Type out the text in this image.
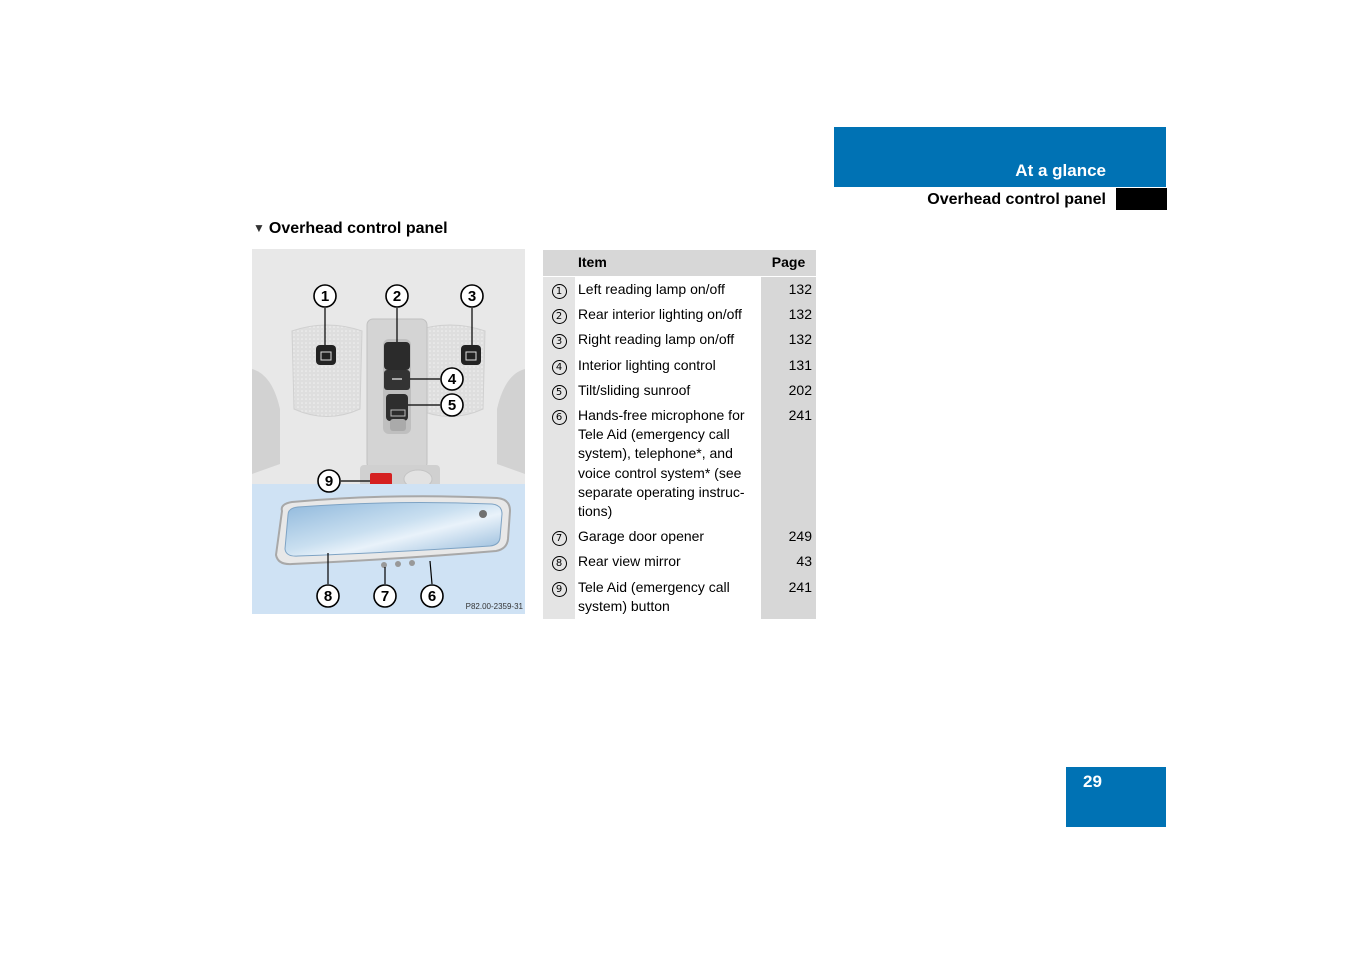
At a glance
Overhead control panel
▼ Overhead control panel
1	2	3
4
5
6
7
8
9
P82.00-2359-31
	Item	Page
1	Left reading lamp on/off	132
2	Rear interior lighting on/off	132
3	Right reading lamp on/off	132
4	Interior lighting control	131
5	Tilt/sliding sunroof	202
6	Hands-free microphone for Tele Aid (emergency call system), telephone*, and voice control system* (see separate operating instruc-tions)	241
7	Garage door opener	249
8	Rear view mirror	43
9	Tele Aid (emergency call system) button	241
29
